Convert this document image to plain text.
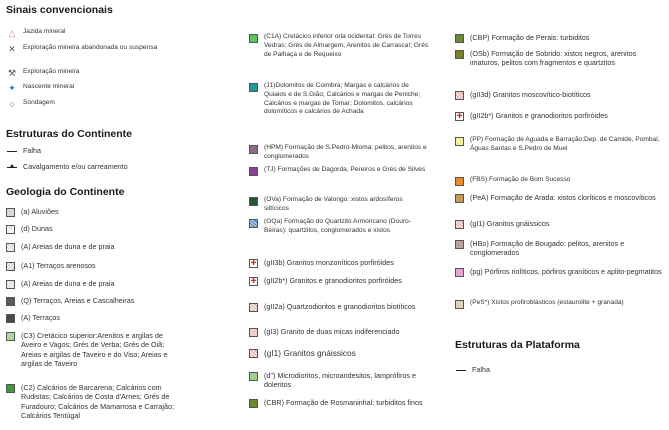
Sinais convencionais
△	Jazida mineral
✕	Exploração mineira abandonada ou suspensa
⚒ Exploração mineira
✦	Nascente mineral
○	Sondagem
Estruturas do Continente
Falha
Cavalgamento e/ou carreamento
Geologia do Continente
(a) Aluviões
⁘ (d) Dunas
(A) Areias de duna e de praia
(A1) Terraços arenosos
(A) Areias de duna e de praia
(Q) Terraços, Areias e Cascalheiras
(A) Terraços
(C3) Cretácico superior:Arenitos e argilas de Aveiro e Vagos; Grés de Verba; Grés de Oiã; Areias e argilas de Taveiro e do Viso; Areias e argilas de Taveiro
(C2) Calcários de Barcarena; Calcários com Rudistas; Calcários de Costa d'Arnes; Grés de Furadouro; Calcários de Mamarrosa e Carrajão; Calcários Tentúgal
(C1A) Cretácico inferior orla ocidental: Grés de Torres Vedras; Grés de Almargem; Arenitos de Carrasca!; Grés de Palhaça e de Requeixo
(J1)Dolomitos de Coimbra; Margas e calcários de Quiaios e de S.Gião; Calcários e margas de Peniche; Calcários e margas de Tomar; Dolomitos, calcários dolomíticos e calcários de Achada
(HPM) Formação de S.Pedro-Mioma: pelitos, arenitos e conglomerados
(TJ) Formações de Dagorda, Pereiros e Grés de Silves
(OVa) Formação de Valongo: xistos ardosíferos siltícicos
(OQa) Formação do Quartzito Armoricano (Douro-Beiras): quartzitos, conglomerados e xistos
✚ (gII3b) Granitos monzoníticos porfiróides
✚ (gII2b*) Granitos e granodioritos porfiróides
(gII2a) Quartzodioritos e granodioritos biotíticos
(gI3) Granito de duas micas indiferenciado
(gI1) Granitos gnáissicos
(d") Microdioritos, microandesitos, lamprófiros e doleritos
(CBR) Formação de Rosmaninhal: turbiditos finos
(CBP) Formação de Perais: turbiditos
(OSb) Formação de Sobrido: xistos negros, arenitos imaturos, pelitos com fragmentos e quartzitos
(gII3d) Granitos moscovítico-biotíticos
✚ (gII2b*) Granitos e granodioritos porfiróides
(PP) Formação de Aguada e Barração;Dep. de Camide, Pombal, Águas Santas e S.Pedro de Muel
(FBS) Formação de Bom Sucesso
(PeA) Formação de Arada: xistos cloríticos e moscovíticos
(gI1) Granitos gnáissicos
(HBo) Formação de Bougado: pelitos, arenitos e conglomerados
(pg) Pórfiros riolíticos, pórfiros graníticos e aplito-pegmatitos
(PeS*) Xistos profiroblásticos (estaurolite + granada)
Estruturas da Plataforma
Falha
